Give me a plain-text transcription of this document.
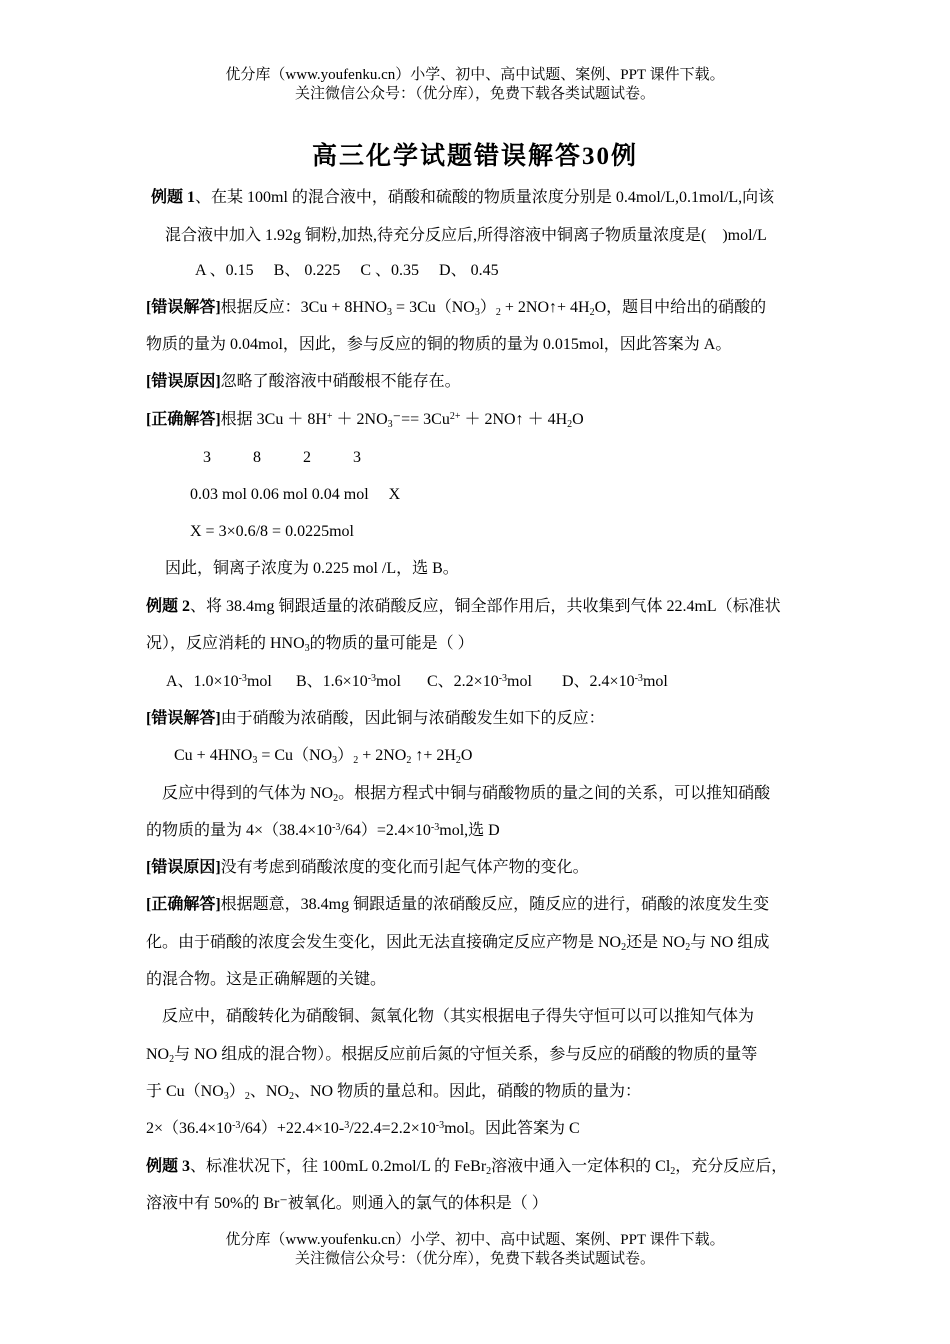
优分库（www.youfenku.cn）小学、初中、高中试题、案例、PPT 课件下载。
关注微信公众号：（优分库），免费下载各类试题试卷。
高三化学试题错误解答30例
例题 1、在某 100ml 的混合液中，硝酸和硫酸的物质量浓度分别是 0.4mol/L,0.1mol/L,向该
混合液中加入 1.92g 铜粉,加热,待充分反应后,所得溶液中铜离子物质量浓度是(　)mol/L
A 、0.15　 B、 0.225　 C 、0.35　 D、 0.45
[错误解答]根据反应：$3Cu + 8HNO_3 = 3Cu(NO_3)_2$ + 2NO↑+ $4H_2O$，题目中给出的硝酸的
物质的量为 0.04mol，因此，参与反应的铜的物质的量为 0.015mol，因此答案为 A。
[错误原因]忽略了酸溶液中硝酸根不能存在。
[正确解答]根据 $3Cu + 8H^+ + 2NO_3^-== 3Cu^{2+}$ ＋ 2NO↑ ＋ $4H_2O$
3　　 8　　 2　　 3
0.03 mol 0.06 mol 0.04 mol　 X
X = 3×0.6/8 = 0.0225mol
因此，铜离子浓度为 0.225 mol /L，选 B。
例题 2、将 38.4mg 铜跟适量的浓硝酸反应，铜全部作用后，共收集到气体 22.4mL（标准状
况），反应消耗的 $HNO_3$的物质的量可能是（ ）
A、$1.0\times 10^{-3}mol$ B、$1.6\times 10^{-3}mol$ C、$2.2\times 10^{-3}mol$ D、$2.4\times 10^{-3}mol$
[错误解答]由于硝酸为浓硝酸，因此铜与浓硝酸发生如下的反应：
$Cu + 4HNO_3 = Cu(NO_3)_2 + 2NO_2$ ↑+ $2H_2O$
反应中得到的气体为 $NO_2$。根据方程式中铜与硝酸物质的量之间的关系，可以推知硝酸
的物质的量为 $4\times(38.4\times 10^{-3}/64)=2.4\times 10^{-3}mol$,选 D
[错误原因]没有考虑到硝酸浓度的变化而引起气体产物的变化。
[正确解答]根据题意，38.4mg 铜跟适量的浓硝酸反应，随反应的进行，硝酸的浓度发生变
化。由于硝酸的浓度会发生变化，因此无法直接确定反应产物是 $NO_2$还是 $NO_2$与 NO 组成
的混合物。这是正确解题的关键。
反应中，硝酸转化为硝酸铜、氮氧化物（其实根据电子得失守恒可以可以推知气体为
$NO_2$与 NO 组成的混合物）。根据反应前后氮的守恒关系，参与反应的硝酸的物质的量等
于 $Cu(NO_3)_2$、$NO_2$、NO 物质的量总和。因此，硝酸的物质的量为：
$2\times(36.4\times 10^{-3}/64)+22.4\times 10-^3/22.4=2.2\times 10^{-3}mol$。因此答案为 C
例题 3、标准状况下，往 100mL 0.2mol/L 的 FeBr$_2$溶液中通入一定体积的 $Cl_2$，充分反应后，
溶液中有 50%的 Br⁻被氧化。则通入的氯气的体积是（ ）
优分库（www.youfenku.cn）小学、初中、高中试题、案例、PPT 课件下载。
关注微信公众号：（优分库），免费下载各类试题试卷。
